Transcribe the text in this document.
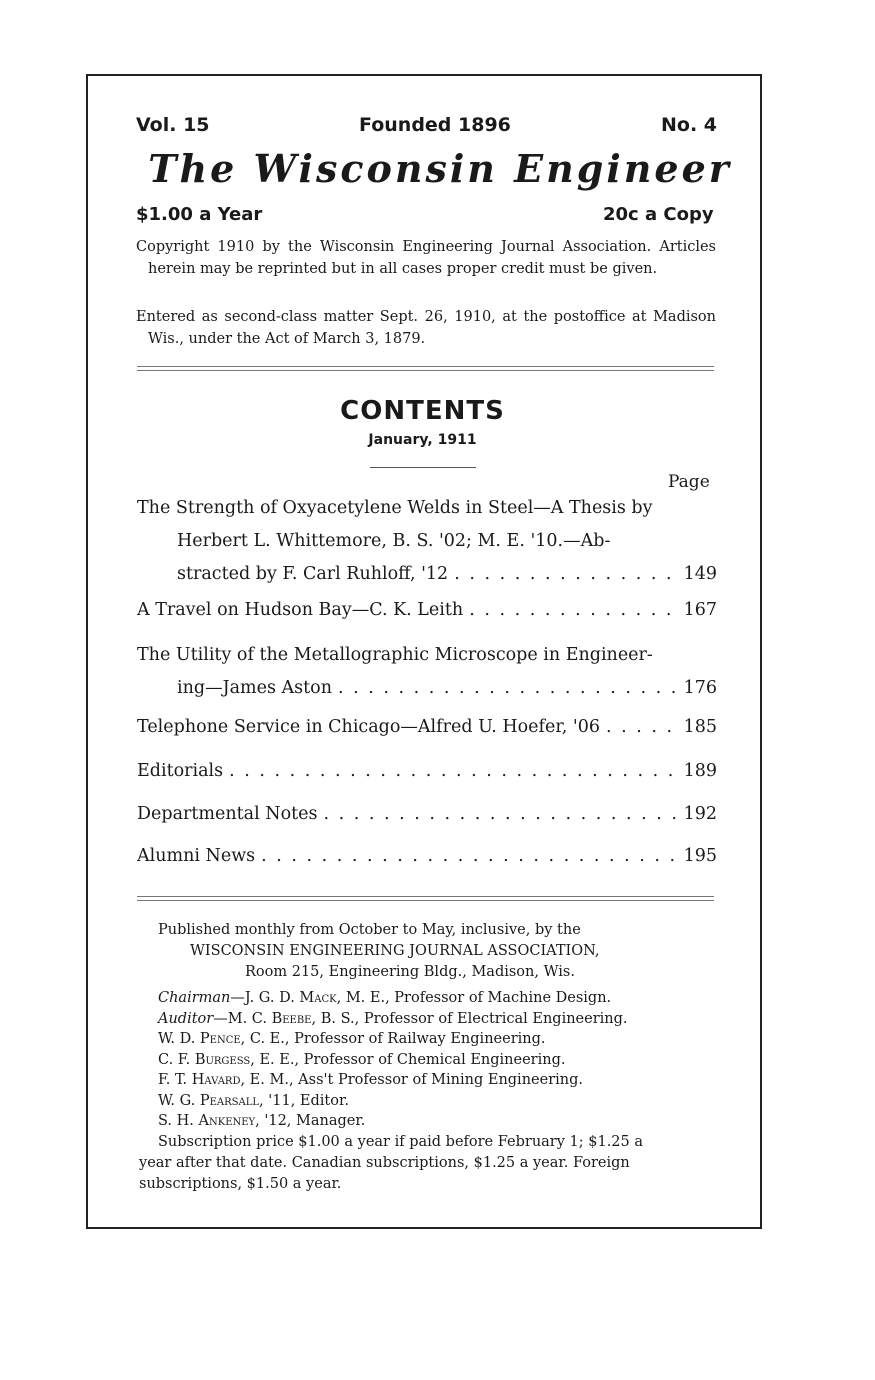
Vol. 15	Founded 1896	No. 4
The Wisconsin Engineer
$1.00 a Year	20c a Copy
Copyright 1910 by the Wisconsin Engineering Journal Association. Articles herein may be reprinted but in all cases proper credit must be given.
Entered as second-class matter Sept. 26, 1910, at the postoffice at Madison Wis., under the Act of March 3, 1879.
CONTENTS
January, 1911
Page
The Strength of Oxyacetylene Welds in Steel—A Thesis by
Herbert L. Whittemore, B. S. '02; M. E. '10.—Ab-
stracted by F. Carl Ruhloff, '12 . . .	149
A Travel on Hudson Bay—C. K. Leith . . .	167
The Utility of the Metallographic Microscope in Engineer-
ing—James Aston . . .	176
Telephone Service in Chicago—Alfred U. Hoefer, '06 . . .	185
Editorials . . .	189
Departmental Notes . . .	192
Alumni News . . .	195
Published monthly from October to May, inclusive, by the
WISCONSIN ENGINEERING JOURNAL ASSOCIATION,
Room 215, Engineering Bldg., Madison, Wis.
Chairman—J. G. D. Mack, M. E., Professor of Machine Design.
Auditor—M. C. Beebe, B. S., Professor of Electrical Engineering.
W. D. Pence, C. E., Professor of Railway Engineering.
C. F. Burgess, E. E., Professor of Chemical Engineering.
F. T. Havard, E. M., Ass't Professor of Mining Engineering.
W. G. Pearsall, '11, Editor.
S. H. Ankeney, '12, Manager.
Subscription price $1.00 a year if paid before February 1; $1.25 a
year after that date. Canadian subscriptions, $1.25 a year. Foreign
subscriptions, $1.50 a year.
